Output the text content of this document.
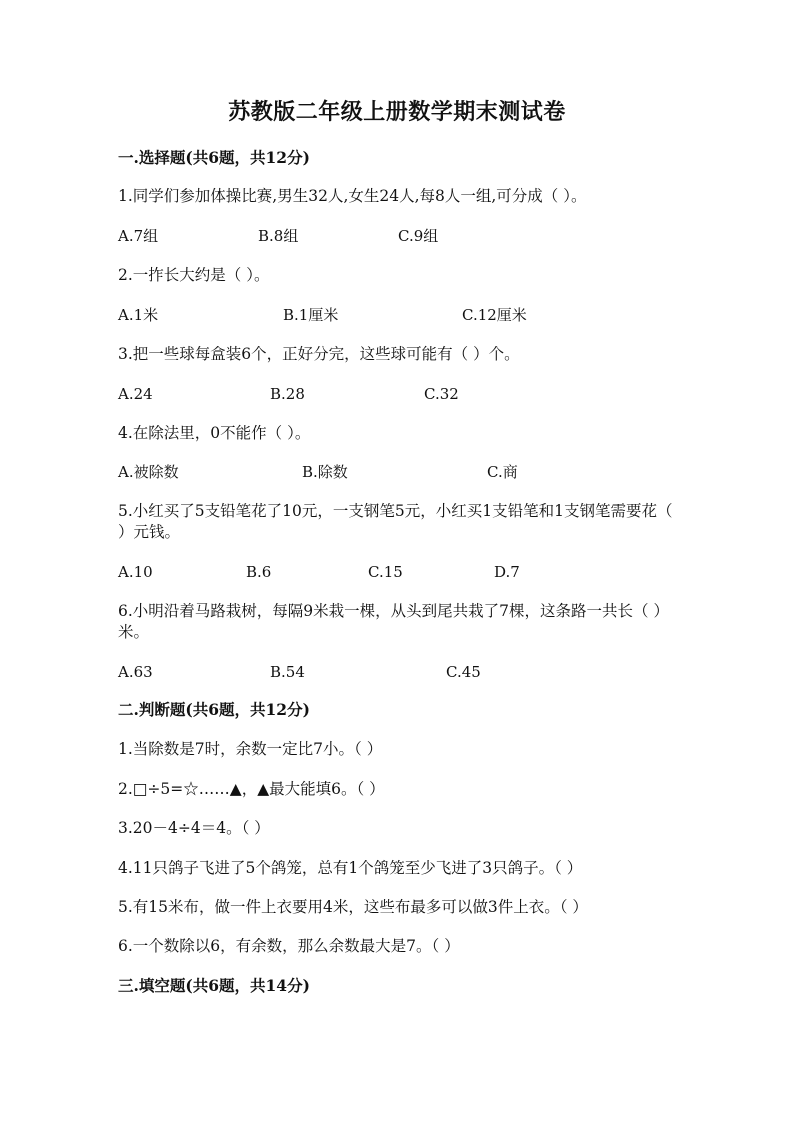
苏教版二年级上册数学期末测试卷
一.选择题(共6题，共12分)
1.同学们参加体操比赛,男生32人,女生24人,每8人一组,可分成（ ）。
A.7组	B.8组	C.9组
2.一拃长大约是（ ）。
A.1米	B.1厘米	C.12厘米
3.把一些球每盒装6个，正好分完，这些球可能有（ ）个。
A.24	B.28	C.32
4.在除法里，0不能作（ ）。
A.被除数	B.除数	C.商
5.小红买了5支铅笔花了10元，一支钢笔5元，小红买1支铅笔和1支钢笔需要花（ ）元钱。
A.10	B.6	C.15	D.7
6.小明沿着马路栽树，每隔9米栽一棵，从头到尾共栽了7棵，这条路一共长（ ）米。
A.63	B.54	C.45
二.判断题(共6题，共12分)
1.当除数是7时，余数一定比7小。（ ）
2.□÷5=☆……▲，▲最大能填6。（ ）
3.20－4÷4＝4。（ ）
4.11只鸽子飞进了5个鸽笼，总有1个鸽笼至少飞进了3只鸽子。（ ）
5.有15米布，做一件上衣要用4米，这些布最多可以做3件上衣。（ ）
6.一个数除以6，有余数，那么余数最大是7。（ ）
三.填空题(共6题，共14分)
